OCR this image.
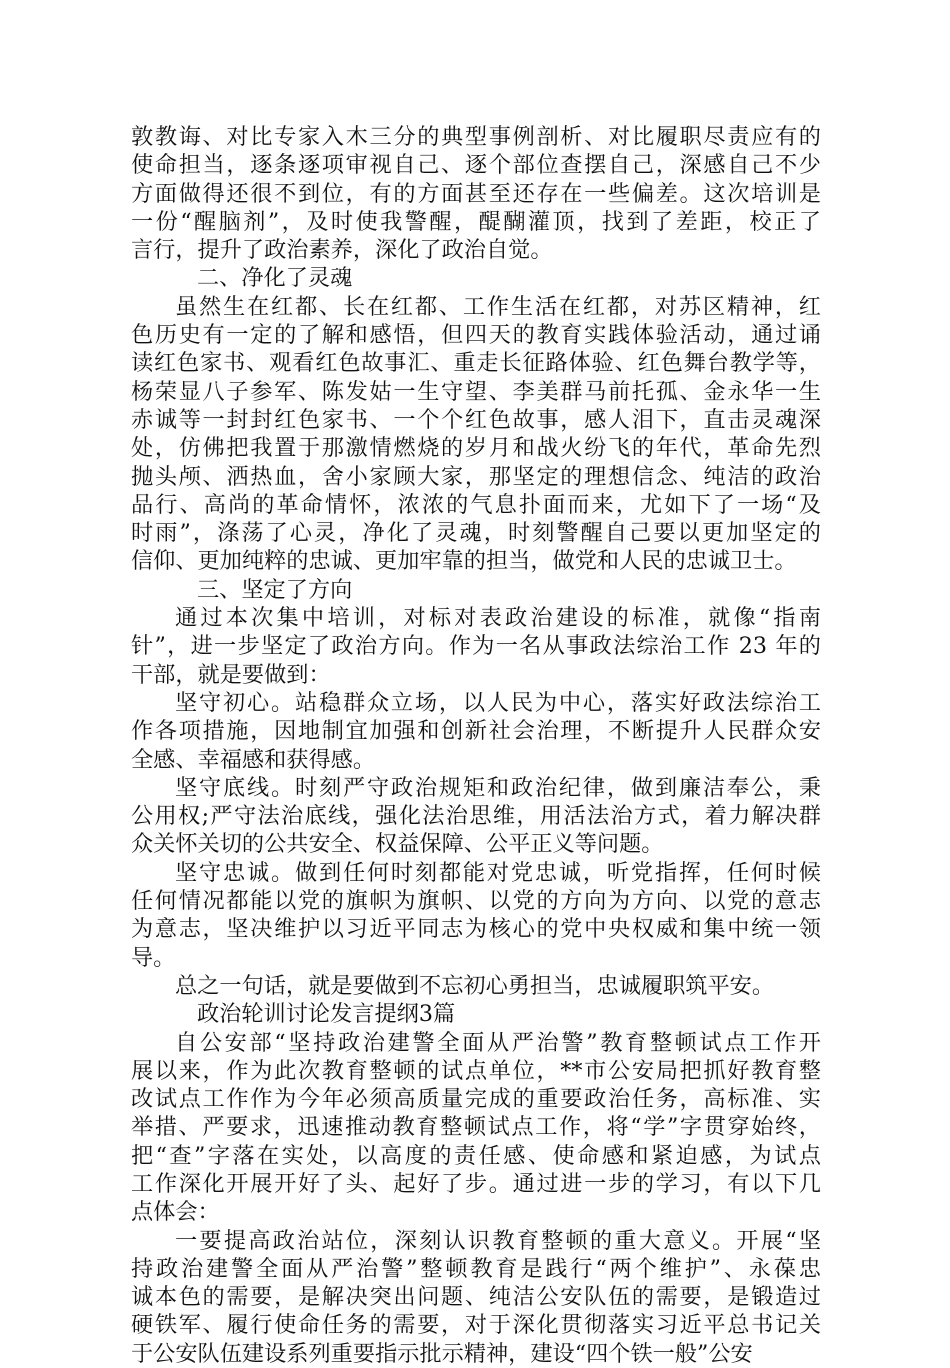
敦教诲、对比专家入木三分的典型事例剖析、对比履职尽责应有的
使命担当，逐条逐项审视自己、逐个部位查摆自己，深感自己不少
方面做得还很不到位，有的方面甚至还存在一些偏差。这次培训是
一份“醒脑剂”，及时使我警醒，醍醐灌顶，找到了差距，校正了
言行，提升了政治素养，深化了政治自觉。
二、净化了灵魂
虽然生在红都、长在红都、工作生活在红都，对苏区精神，红
色历史有一定的了解和感悟，但四天的教育实践体验活动，通过诵
读红色家书、观看红色故事汇、重走长征路体验、红色舞台教学等，
杨荣显八子参军、陈发姑一生守望、李美群马前托孤、金永华一生
赤诚等一封封红色家书、一个个红色故事，感人泪下，直击灵魂深
处，仿佛把我置于那激情燃烧的岁月和战火纷飞的年代，革命先烈
抛头颅、洒热血，舍小家顾大家，那坚定的理想信念、纯洁的政治
品行、高尚的革命情怀，浓浓的气息扑面而来，尤如下了一场“及
时雨”，涤荡了心灵，净化了灵魂，时刻警醒自己要以更加坚定的
信仰、更加纯粹的忠诚、更加牢靠的担当，做党和人民的忠诚卫士。
三、坚定了方向
通过本次集中培训，对标对表政治建设的标准，就像“指南
针”，进一步坚定了政治方向。作为一名从事政法综治工作 23 年的
干部，就是要做到：
坚守初心。站稳群众立场，以人民为中心，落实好政法综治工
作各项措施，因地制宜加强和创新社会治理，不断提升人民群众安
全感、幸福感和获得感。
坚守底线。时刻严守政治规矩和政治纪律，做到廉洁奉公，秉
公用权;严守法治底线，强化法治思维，用活法治方式，着力解决群
众关怀关切的公共安全、权益保障、公平正义等问题。
坚守忠诚。做到任何时刻都能对党忠诚，听党指挥，任何时候
任何情况都能以党的旗帜为旗帜、以党的方向为方向、以党的意志
为意志，坚决维护以习近平同志为核心的党中央权威和集中统一领
导。
总之一句话，就是要做到不忘初心勇担当，忠诚履职筑平安。
政治轮训讨论发言提纲3篇
自公安部“坚持政治建警全面从严治警”教育整顿试点工作开
展以来，作为此次教育整顿的试点单位，**市公安局把抓好教育整
改试点工作作为今年必须高质量完成的重要政治任务，高标准、实
举措、严要求，迅速推动教育整顿试点工作，将“学”字贯穿始终，
把“查”字落在实处，以高度的责任感、使命感和紧迫感，为试点
工作深化开展开好了头、起好了步。通过进一步的学习，有以下几
点体会：
一要提高政治站位，深刻认识教育整顿的重大意义。开展“坚
持政治建警全面从严治警”整顿教育是践行“两个维护”、永葆忠
诚本色的需要，是解决突出问题、纯洁公安队伍的需要，是锻造过
硬铁军、履行使命任务的需要，对于深化贯彻落实习近平总书记关
于公安队伍建设系列重要指示批示精神，建设“四个铁一般”公安
